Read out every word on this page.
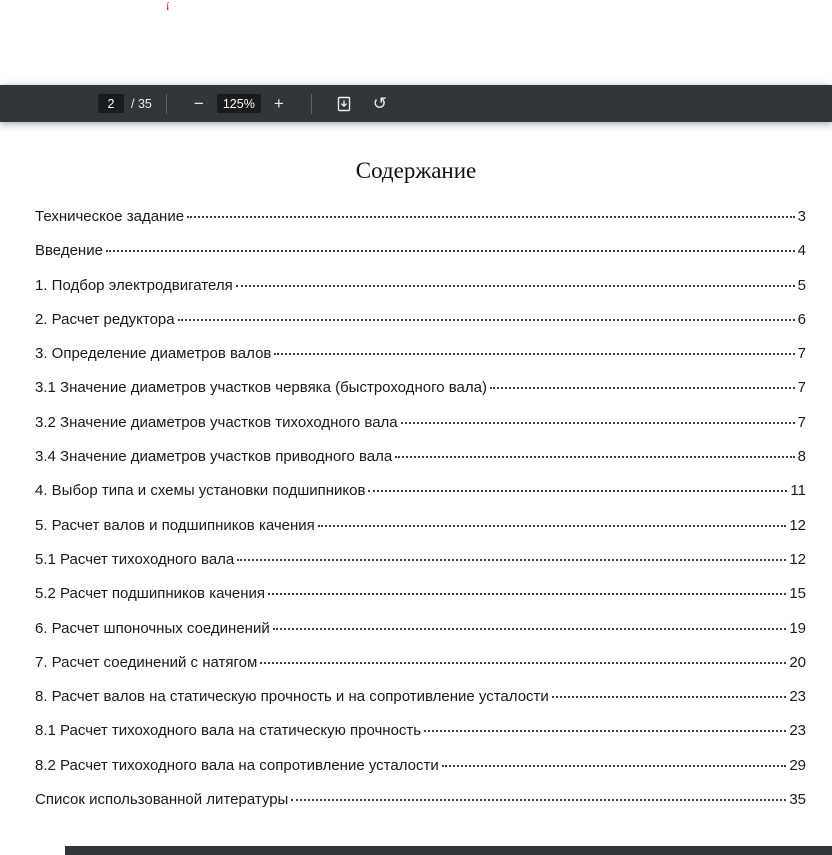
í
2	/ 35 −	125%	+	↺
Содержание
Техническое задание	3
Введение	4
1. Подбор электродвигателя	5
2. Расчет редуктора	6
3. Определение диаметров валов	7
3.1 Значение диаметров участков червяка (быстроходного вала)	7
3.2 Значение диаметров участков тихоходного вала	7
3.4 Значение диаметров участков приводного вала	8
4. Выбор типа и схемы установки подшипников	11
5. Расчет валов и подшипников качения	12
5.1 Расчет тихоходного вала	12
5.2 Расчет подшипников качения	15
6. Расчет шпоночных соединений	19
7. Расчет соединений с натягом	20
8. Расчет валов на статическую прочность и на сопротивление усталости	23
8.1 Расчет тихоходного вала на статическую прочность	23
8.2 Расчет тихоходного вала на сопротивление усталости	29
Список использованной литературы	35
